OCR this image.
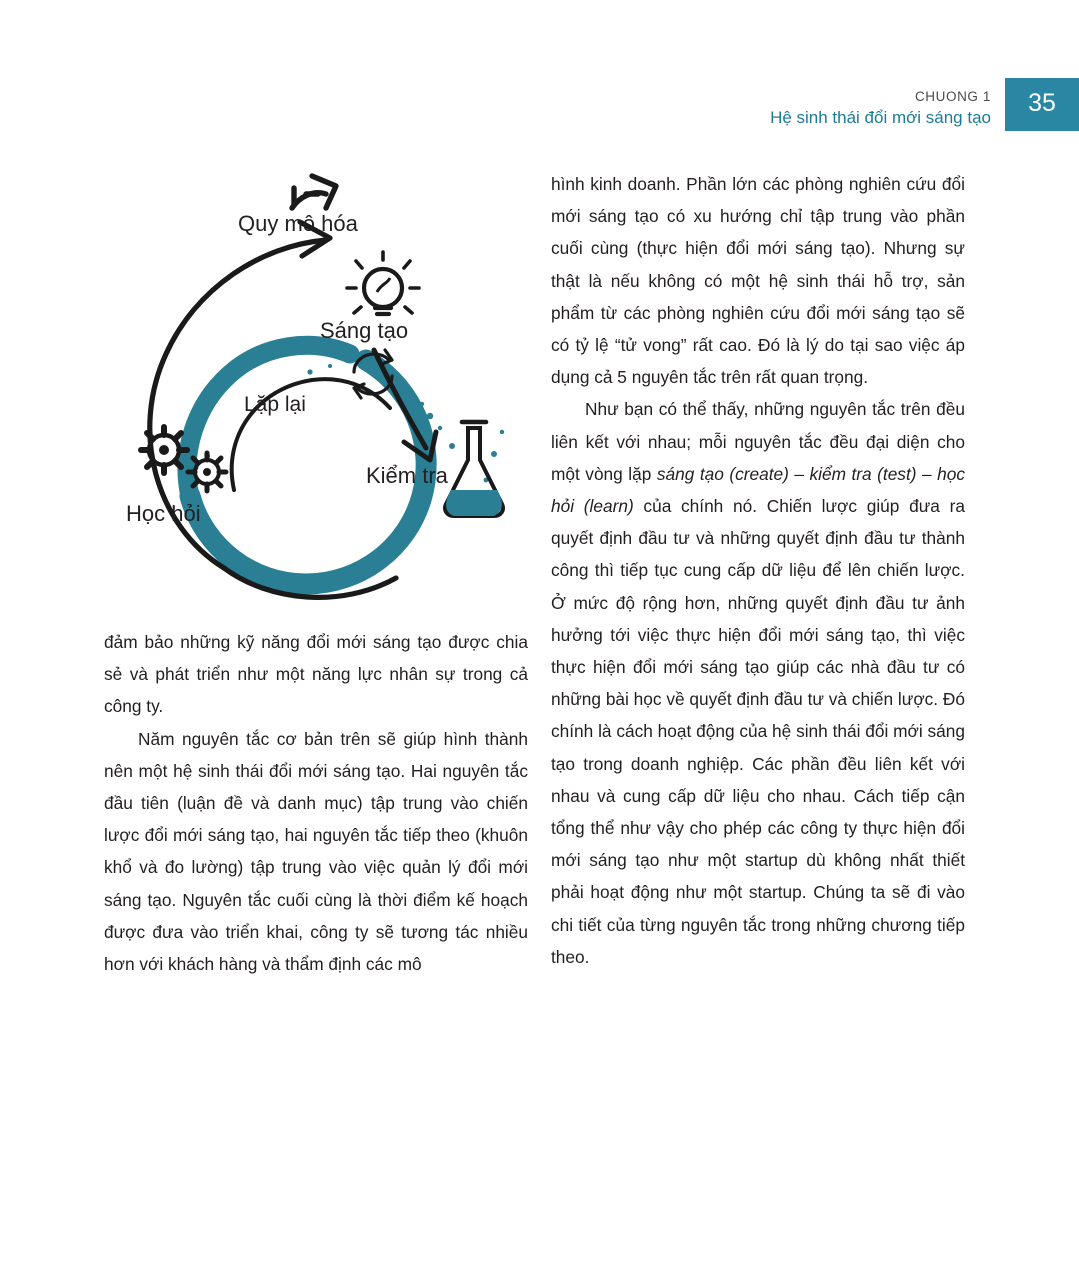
CHUONG 1
Hệ sinh thái đổi mới sáng tạo
35
Quy mô hóa
Sáng tạo
Lặp lại
Kiểm tra
Học hỏi

đảm bảo những kỹ năng đổi mới sáng tạo được chia sẻ và phát triển như một năng lực nhân sự trong cả công ty.

Năm nguyên tắc cơ bản trên sẽ giúp hình thành nên một hệ sinh thái đổi mới sáng tạo. Hai nguyên tắc đầu tiên (luận đề và danh mục) tập trung vào chiến lược đổi mới sáng tạo, hai nguyên tắc tiếp theo (khuôn khổ và đo lường) tập trung vào việc quản lý đổi mới sáng tạo. Nguyên tắc cuối cùng là thời điểm kế hoạch được đưa vào triển khai, công ty sẽ tương tác nhiều hơn với khách hàng và thẩm định các mô

hình kinh doanh. Phần lớn các phòng nghiên cứu đổi mới sáng tạo có xu hướng chỉ tập trung vào phần cuối cùng (thực hiện đổi mới sáng tạo). Nhưng sự thật là nếu không có một hệ sinh thái hỗ trợ, sản phẩm từ các phòng nghiên cứu đổi mới sáng tạo sẽ có tỷ lệ “tử vong” rất cao. Đó là lý do tại sao việc áp dụng cả 5 nguyên tắc trên rất quan trọng.

Như bạn có thể thấy, những nguyên tắc trên đều liên kết với nhau; mỗi nguyên tắc đều đại diện cho một vòng lặp sáng tạo (create) – kiểm tra (test) – học hỏi (learn) của chính nó. Chiến lược giúp đưa ra quyết định đầu tư và những quyết định đầu tư thành công thì tiếp tục cung cấp dữ liệu để lên chiến lược. Ở mức độ rộng hơn, những quyết định đầu tư ảnh hưởng tới việc thực hiện đổi mới sáng tạo, thì việc thực hiện đổi mới sáng tạo giúp các nhà đầu tư có những bài học về quyết định đầu tư và chiến lược. Đó chính là cách hoạt động của hệ sinh thái đổi mới sáng tạo trong doanh nghiệp. Các phần đều liên kết với nhau và cung cấp dữ liệu cho nhau. Cách tiếp cận tổng thể như vậy cho phép các công ty thực hiện đổi mới sáng tạo như một startup dù không nhất thiết phải hoạt động như một startup. Chúng ta sẽ đi vào chi tiết của từng nguyên tắc trong những chương tiếp theo.
